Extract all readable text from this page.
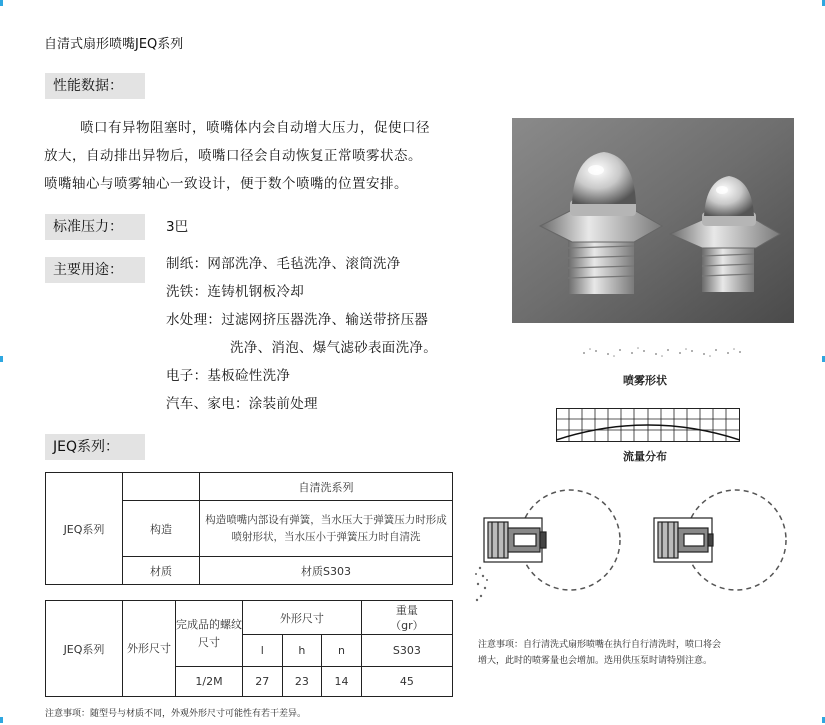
自清式扇形喷嘴JEQ系列
性能数据：
喷口有异物阻塞时，喷嘴体内会自动增大压力，促使口径
放大，自动排出异物后，喷嘴口径会自动恢复正常喷雾状态。
喷嘴轴心与喷雾轴心一致设计，便于数个喷嘴的位置安排。
标准压力：	3巴
主要用途：	制纸：网部洗净、毛毡洗净、滚筒洗净
洗铁：连铸机钢板冷却
水处理：过滤网挤压器洗净、输送带挤压器
洗净、消泡、爆气滤砂表面洗净。
电子：基板硷性洗净
汽车、家电：涂装前处理
JEQ系列：
JEQ系列		自清洗系列
	构造	构造喷嘴内部设有弹簧，当水压大于弹簧压力时形成喷射形状，当水压小于弹簧压力时自清洗
	材质	材质S303
JEQ系列	外形尺寸	完成品的螺纹尺寸	外形尺寸			重量
（gr）

			l	h	n	S303
		1/2M	27	23	14	45
注意事项：随型号与材质不同，外观外形尺寸可能性有若干差异。
喷雾形状
流量分布
注意事项：自行清洗式扇形喷嘴在执行自行清洗时，喷口将会
增大，此时的喷雾量也会增加。选用供压泵时请特别注意。
